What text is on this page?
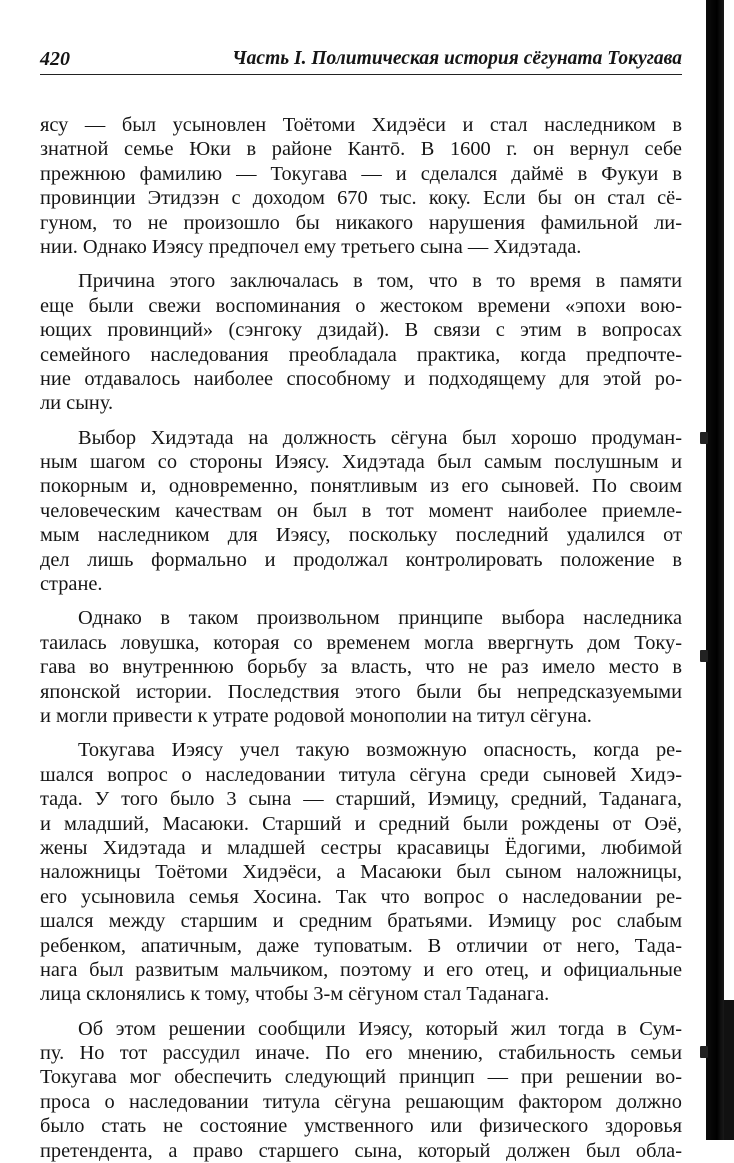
420	Часть I. Политическая история сёгуната Токугава
ясу — был усыновлен Тоётоми Хидэёси и стал наследником в
знатной семье Юки в районе Кантō. В 1600 г. он вернул себе
прежнюю фамилию — Токугава — и сделался даймё в Фукуи в
провинции Этидзэн с доходом 670 тыс. коку. Если бы он стал сё-
гуном, то не произошло бы никакого нарушения фамильной ли-
нии. Однако Иэясу предпочел ему третьего сына — Хидэтада.
Причина этого заключалась в том, что в то время в памяти
еще были свежи воспоминания о жестоком времени «эпохи вою-
ющих провинций» (сэнгоку дзидай). В связи с этим в вопросах
семейного наследования преобладала практика, когда предпочте-
ние отдавалось наиболее способному и подходящему для этой ро-
ли сыну.
Выбор Хидэтада на должность сёгуна был хорошо продуман-
ным шагом со стороны Иэясу. Хидэтада был самым послушным и
покорным и, одновременно, понятливым из его сыновей. По своим
человеческим качествам он был в тот момент наиболее приемле-
мым наследником для Иэясу, поскольку последний удалился от
дел лишь формально и продолжал контролировать положение в
стране.
Однако в таком произвольном принципе выбора наследника
таилась ловушка, которая со временем могла ввергнуть дом Току-
гава во внутреннюю борьбу за власть, что не раз имело место в
японской истории. Последствия этого были бы непредсказуемыми
и могли привести к утрате родовой монополии на титул сёгуна.
Токугава Иэясу учел такую возможную опасность, когда ре-
шался вопрос о наследовании титула сёгуна среди сыновей Хидэ-
тада. У того было 3 сына — старший, Иэмицу, средний, Таданага,
и младший, Масаюки. Старший и средний были рождены от Оэё,
жены Хидэтада и младшей сестры красавицы Ёдогими, любимой
наложницы Тоётоми Хидэёси, а Масаюки был сыном наложницы,
его усыновила семья Хосина. Так что вопрос о наследовании ре-
шался между старшим и средним братьями. Иэмицу рос слабым
ребенком, апатичным, даже туповатым. В отличии от него, Тада-
нага был развитым мальчиком, поэтому и его отец, и официальные
лица склонялись к тому, чтобы 3-м сёгуном стал Таданага.
Об этом решении сообщили Иэясу, который жил тогда в Сум-
пу. Но тот рассудил иначе. По его мнению, стабильность семьи
Токугава мог обеспечить следующий принцип — при решении во-
проса о наследовании титула сёгуна решающим фактором должно
было стать не состояние умственного или физического здоровья
претендента, а право старшего сына, который должен был обла-
